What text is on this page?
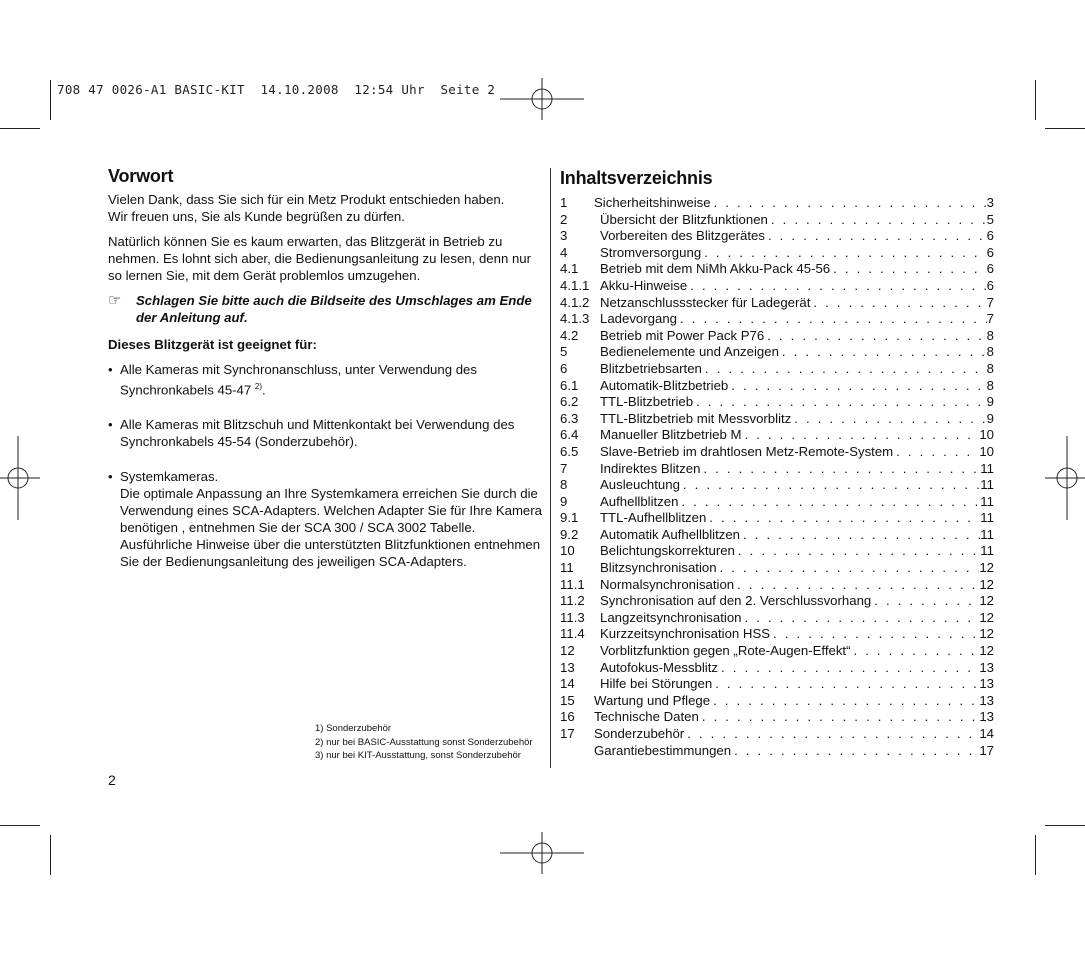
708 47 0026-A1 BASIC-KIT  14.10.2008  12:54 Uhr  Seite 2
Vorwort

Vielen Dank, dass Sie sich für ein Metz Produkt entschieden haben.
Wir freuen uns, Sie als Kunde begrüßen zu dürfen.

Natürlich können Sie es kaum erwarten, das Blitzgerät in Betrieb zu nehmen. Es lohnt sich aber, die Bedienungsanleitung zu lesen, denn nur so lernen Sie, mit dem Gerät problemlos umzugehen.

☞	Schlagen Sie bitte auch die Bildseite des Umschlages am Ende der Anleitung auf.

Dieses Blitzgerät ist geeignet für:

• Alle Kameras mit Synchronanschluss, unter Verwendung des Synchronkabels 45-47 $^{2)}$.
• Alle Kameras mit Blitzschuh und Mittenkontakt bei Verwendung des Synchronkabels 45-54 (Sonderzubehör).
• Systemkameras.
Die optimale Anpassung an Ihre Systemkamera erreichen Sie durch die Verwendung eines SCA-Adapters. Welchen Adapter Sie für Ihre Kamera benötigen , entnehmen Sie der SCA 300 / SCA 3002 Tabelle. Ausführliche Hinweise über die unterstützten Blitzfunktionen entnehmen Sie der Bedienungsanleitung des jeweiligen SCA-Adapters.
1) Sonderzubehör
2) nur bei BASIC-Ausstattung sonst Sonderzubehör
3) nur bei KIT-Ausstattung, sonst Sonderzubehör
2
Inhaltsverzeichnis
1	Sicherheitshinweise . . .	3
2	Übersicht der Blitzfunktionen . . .	5
3	Vorbereiten des Blitzgerätes . . .	6
4	Stromversorgung . . .	6
4.1	Betrieb mit dem NiMh Akku-Pack 45-56 . . .	6
4.1.1 Akku-Hinweise . . .	6
4.1.2 Netzanschlussstecker für Ladegerät . . .	7
4.1.3 Ladevorgang . . .	7
4.2	Betrieb mit Power Pack P76 . . .	8
5	Bedienelemente und Anzeigen . . .	8
6	Blitzbetriebsarten . . .	8
6.1	Automatik-Blitzbetrieb . . .	8
6.2	TTL-Blitzbetrieb . . .	9
6.3	TTL-Blitzbetrieb mit Messvorblitz . . .	9
6.4	Manueller Blitzbetrieb M . . .	10
6.5	Slave-Betrieb im drahtlosen Metz-Remote-System . . .	10
7	Indirektes Blitzen . . .	11
8	Ausleuchtung . . .	11
9	Aufhellblitzen . . .	11
9.1	TTL-Aufhellblitzen . . .	11
9.2	Automatik Aufhellblitzen . . .	11
10	Belichtungskorrekturen . . .	11
11	Blitzsynchronisation . . .	12
11.1	Normalsynchronisation . . .	12
11.2	Synchronisation auf den 2. Verschlussvorhang . . .	12
11.3	Langzeitsynchronisation . . .	12
11.4	Kurzzeitsynchronisation HSS . . .	12
12	Vorblitzfunktion gegen „Rote-Augen-Effekt“ . . .	12
13	Autofokus-Messblitz . . .	13
14	Hilfe bei Störungen . . .	13
15	Wartung und Pflege . . .	13
16	Technische Daten . . .	13
17	Sonderzubehör . . .	14
Garantiebestimmungen . . .	17
